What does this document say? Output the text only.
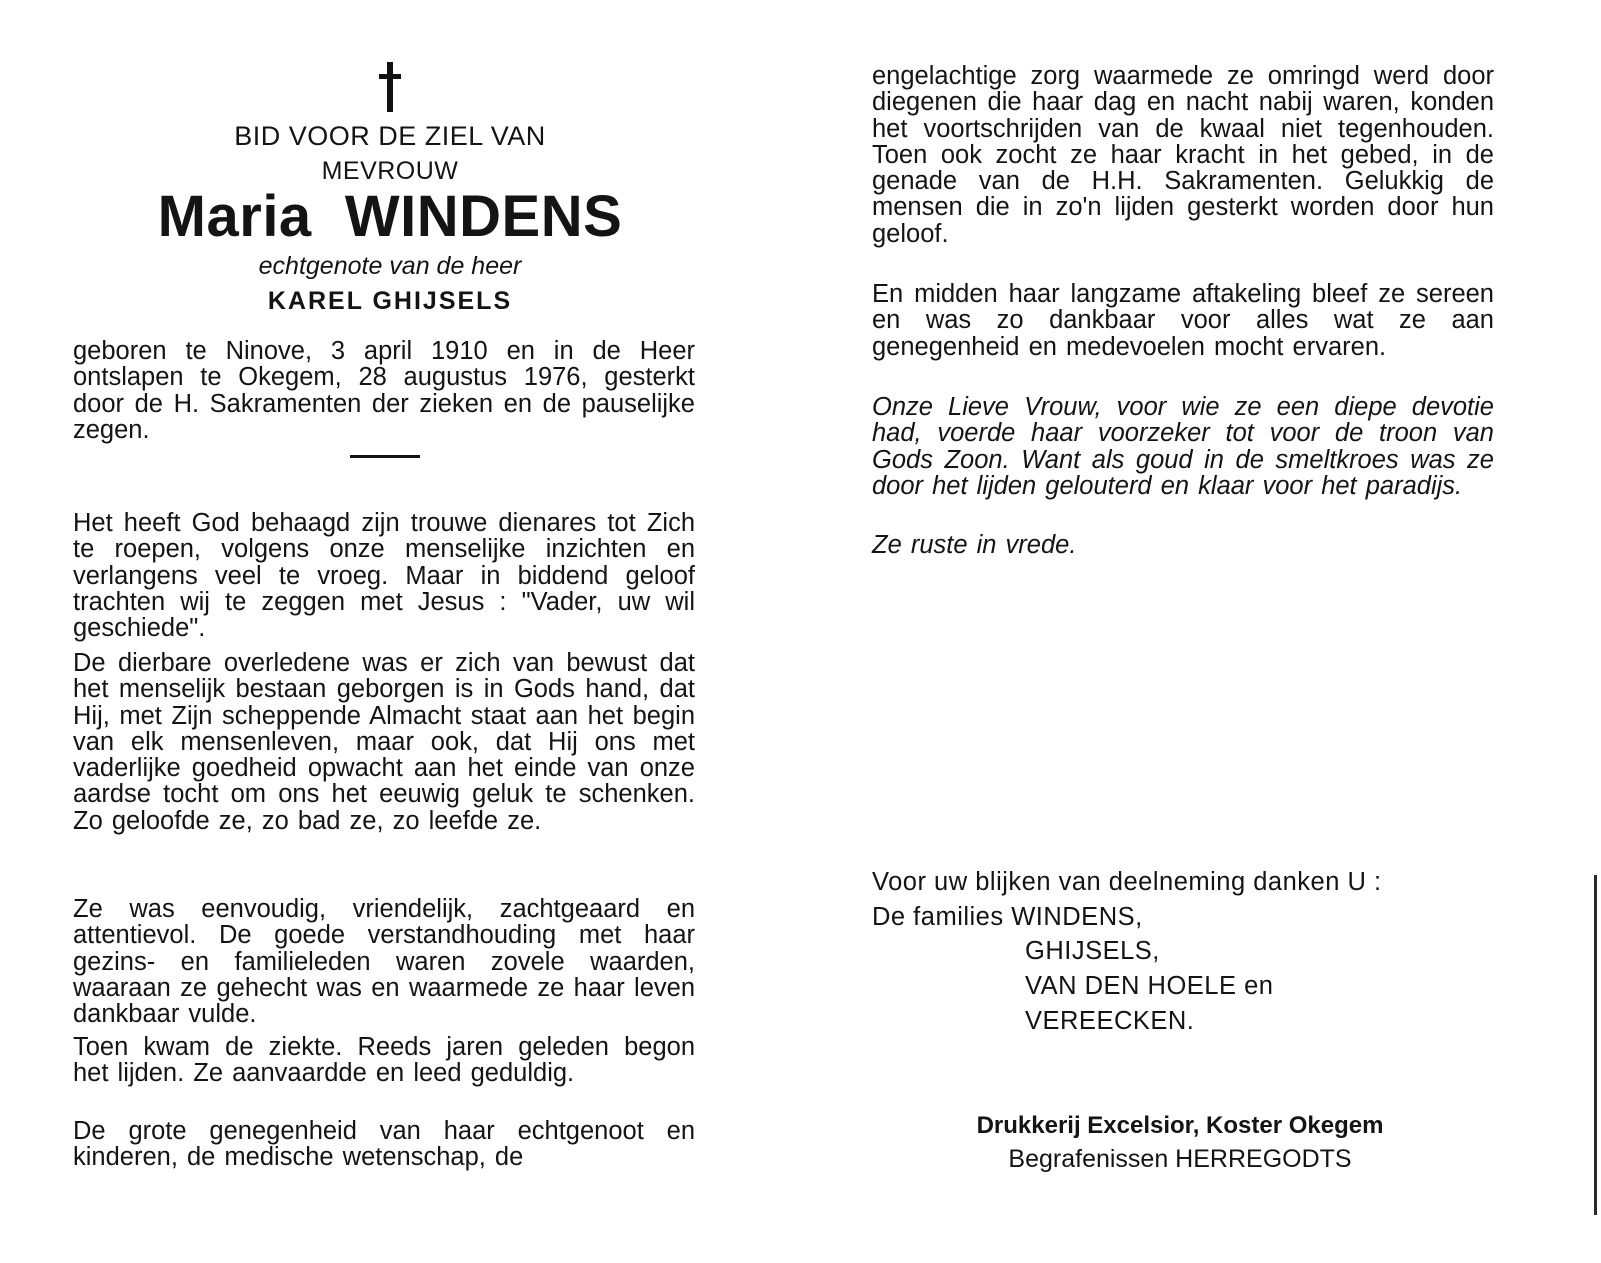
BID VOOR DE ZIEL VAN
MEVROUW
Maria  WINDENS
echtgenote van de heer
KAREL GHIJSELS

geboren te Ninove, 3 april 1910 en in de Heer ontslapen te Okegem, 28 augustus 1976, gesterkt door de H. Sakramenten der zieken en de pauselijke zegen.

Het heeft God behaagd zijn trouwe dienares tot Zich te roepen, volgens onze menselijke inzichten en verlangens veel te vroeg. Maar in biddend geloof trachten wij te zeggen met Jesus : "Vader, uw wil geschiede".

De dierbare overledene was er zich van bewust dat het menselijk bestaan geborgen is in Gods hand, dat Hij, met Zijn scheppende Almacht staat aan het begin van elk mensenleven, maar ook, dat Hij ons met vaderlijke goedheid opwacht aan het einde van onze aardse tocht om ons het eeuwig geluk te schenken. Zo geloofde ze, zo bad ze, zo leefde ze.

Ze was eenvoudig, vriendelijk, zachtgeaard en attentievol. De goede verstandhouding met haar gezins- en familieleden waren zovele waarden, waaraan ze gehecht was en waarmede ze haar leven dankbaar vulde.

Toen kwam de ziekte. Reeds jaren geleden begon het lijden. Ze aanvaardde en leed geduldig.

De grote genegenheid van haar echtgenoot en kinderen, de medische wetenschap, de

engelachtige zorg waarmede ze omringd werd door diegenen die haar dag en nacht nabij waren, konden het voortschrijden van de kwaal niet tegenhouden. Toen ook zocht ze haar kracht in het gebed, in de genade van de H.H. Sakramenten. Gelukkig de mensen die in zo'n lijden gesterkt worden door hun geloof.

En midden haar langzame aftakeling bleef ze sereen en was zo dankbaar voor alles wat ze aan genegenheid en medevoelen mocht ervaren.

Onze Lieve Vrouw, voor wie ze een diepe devotie had, voerde haar voorzeker tot voor de troon van Gods Zoon. Want als goud in de smeltkroes was ze door het lijden gelouterd en klaar voor het paradijs.

Ze ruste in vrede.

Voor uw blijken van deelneming danken U :
De families WINDENS,
GHIJSELS,
VAN DEN HOELE en
VEREECKEN.
Drukkerij Excelsior, Koster Okegem
Begrafenissen HERREGODTS
